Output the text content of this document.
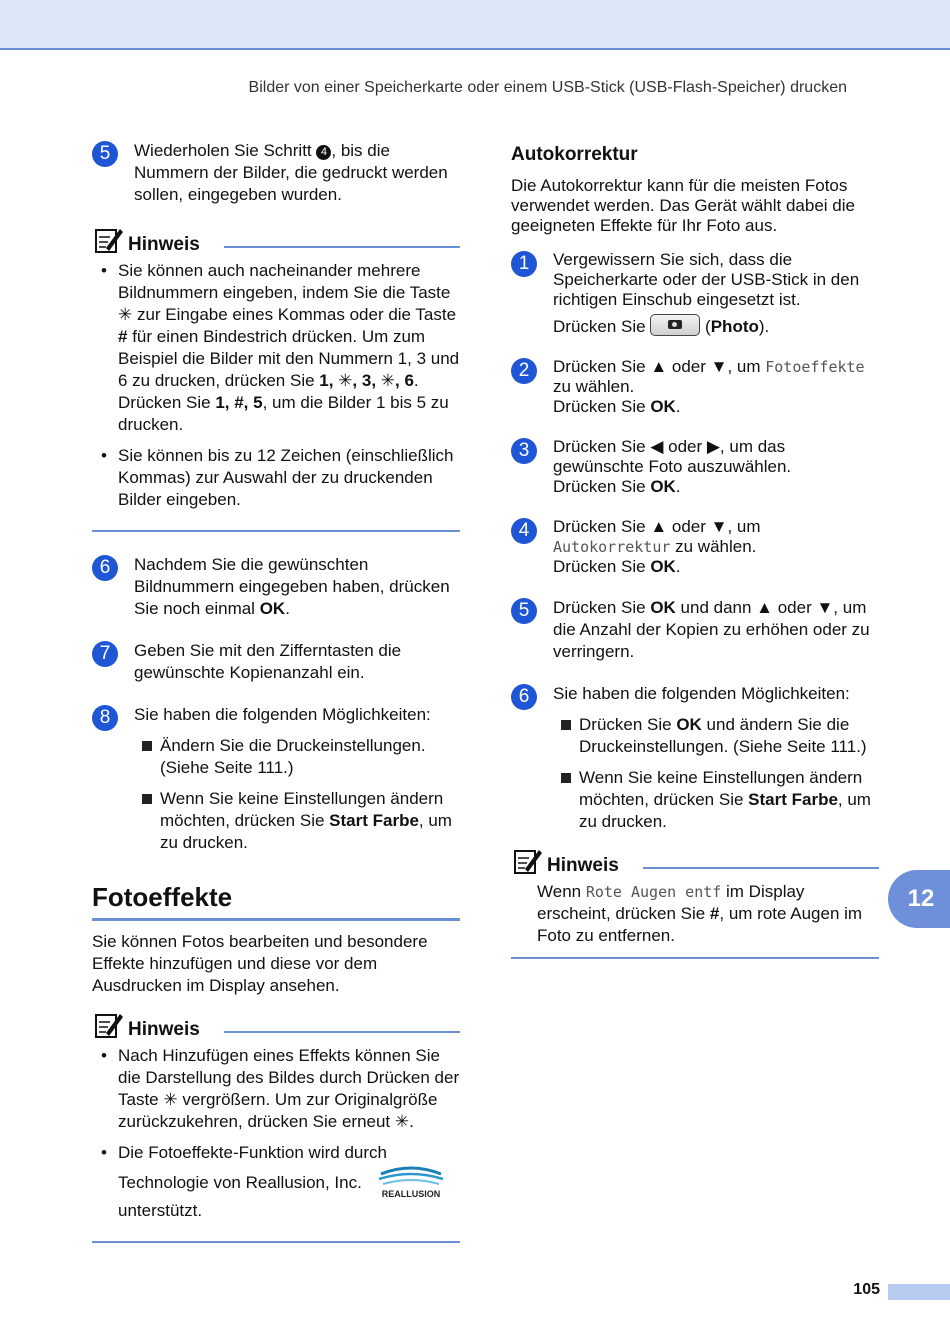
Bilder von einer Speicherkarte oder einem USB-Stick (USB-Flash-Speicher) drucken
5	Wiederholen Sie Schritt 4 , bis die Nummern der Bilder, die gedruckt werden sollen, eingegeben wurden.
Hinweis
• Sie können auch nacheinander mehrere Bildnummern eingeben, indem Sie die Taste ✳ zur Eingabe eines Kommas oder die Taste # für einen Bindestrich drücken. Um zum Beispiel die Bilder mit den Nummern 1, 3 und 6 zu drucken, drücken Sie 1, ✳, 3, ✳, 6. Drücken Sie 1, #, 5, um die Bilder 1 bis 5 zu drucken.
• Sie können bis zu 12 Zeichen (einschließlich Kommas) zur Auswahl der zu druckenden Bilder eingeben.
6	Nachdem Sie die gewünschten Bildnummern eingegeben haben, drücken Sie noch einmal OK.
7	Geben Sie mit den Zifferntasten die gewünschte Kopienanzahl ein.
8	Sie haben die folgenden Möglichkeiten:
Ändern Sie die Druckeinstellungen. (Siehe Seite 111.)
Wenn Sie keine Einstellungen ändern möchten, drücken Sie Start Farbe, um zu drucken.
Fotoeffekte

Sie können Fotos bearbeiten und besondere Effekte hinzufügen und diese vor dem Ausdrucken im Display ansehen.

Hinweis
• Nach Hinzufügen eines Effekts können Sie die Darstellung des Bildes durch Drücken der Taste ✳ vergrößern. Um zur Originalgröße zurückzukehren, drücken Sie erneut ✳.
• Die Fotoeffekte-Funktion wird durch Technologie von Reallusion, Inc.
REALLUSION
unterstützt.
Autokorrektur

Die Autokorrektur kann für die meisten Fotos verwendet werden. Das Gerät wählt dabei die geeigneten Effekte für Ihr Foto aus.

1	Vergewissern Sie sich, dass die Speicherkarte oder der USB-Stick in den richtigen Einschub eingesetzt ist.
Drücken Sie	(Photo).
2	Drücken Sie ▲ oder ▼, um Fotoeffekte zu wählen.
Drücken Sie OK.
3	Drücken Sie ◀ oder ▶, um das gewünschte Foto auszuwählen.
Drücken Sie OK.
4	Drücken Sie ▲ oder ▼, um Autokorrektur zu wählen.
Drücken Sie OK.
5	Drücken Sie OK und dann ▲ oder ▼, um die Anzahl der Kopien zu erhöhen oder zu verringern.
6	Sie haben die folgenden Möglichkeiten:
Drücken Sie OK und ändern Sie die Druckeinstellungen. (Siehe Seite 111.)
Wenn Sie keine Einstellungen ändern möchten, drücken Sie Start Farbe, um zu drucken.
Hinweis
Wenn Rote Augen entf im Display erscheint, drücken Sie #, um rote Augen im Foto zu entfernen.
12
105
